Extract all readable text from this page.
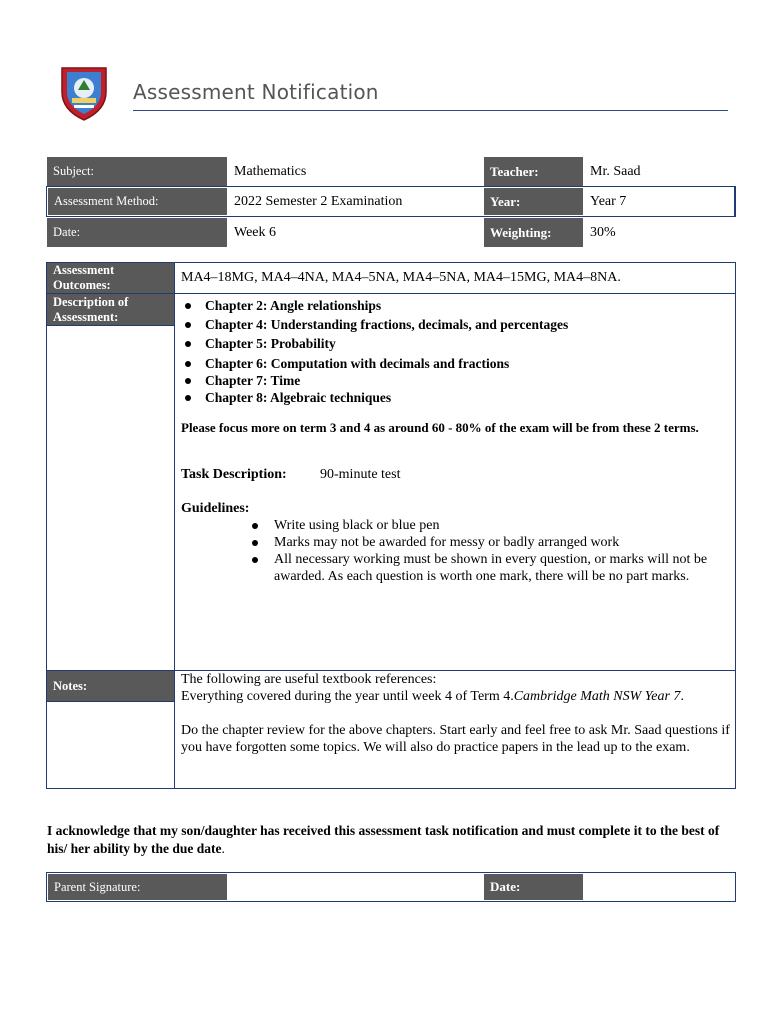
Assessment Notification
Subject:	Mathematics	Teacher:	Mr. Saad
Assessment Method:	2022 Semester 2 Examination	Year:	Year 7
Date:	Week 6	Weighting:	30%
Assessment Outcomes:	MA4–18MG, MA4–4NA, MA4–5NA, MA4–5NA, MA4–15MG, MA4–8NA.
Description of Assessment:
Chapter 2: Angle relationships
Chapter 4: Understanding fractions, decimals, and percentages
Chapter 5: Probability
Chapter 6: Computation with decimals and fractions
Chapter 7: Time
Chapter 8: Algebraic techniques
Please focus more on term 3 and 4 as around 60 - 80% of the exam will be from these 2 terms.
Task Description: 90-minute test
Guidelines:
Write using black or blue pen
Marks may not be awarded for messy or badly arranged work
All necessary working must be shown in every question, or marks will not be awarded. As each question is worth one mark, there will be no part marks.
Notes:	The following are useful textbook references:

Everything covered during the year until week 4 of Term 4.Cambridge Math NSW Year 7.

Do the chapter review for the above chapters. Start early and feel free to ask Mr. Saad questions if you have forgotten some topics. We will also do practice papers in the lead up to the exam.

I acknowledge that my son/daughter has received this assessment task notification and must complete it to the best of his/ her ability by the due date.
Parent Signature:	Date:
